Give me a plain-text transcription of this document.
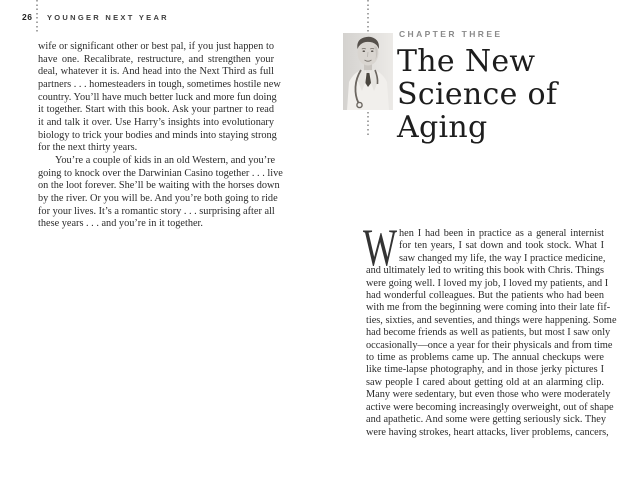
26 YOUNGER NEXT YEAR
wife or significant other or best pal, if you just happen to
have one. Recalibrate, restructure, and strengthen your
deal, whatever it is. And head into the Next Third as full
partners . . . homesteaders in tough, sometimes hostile new
country. You’ll have much better luck and more fun doing
it together. Start with this book. Ask your partner to read
it and talk it over. Use Harry’s insights into evolutionary
biology to trick your bodies and minds into staying strong
for the next thirty years.
You’re a couple of kids in an old Western, and you’re
going to knock over the Darwinian Casino together . . . live
on the loot forever. She’ll be waiting with the horses down
by the river. Or you will be. And you’re both going to ride
for your lives. It’s a romantic story . . . surprising after all
these years . . . and you’re in it together.
CHAPTER THREE
The New
Science of
Aging
W hen I had been in practice as a general internist
for ten years, I sat down and took stock. What I
saw changed my life, the way I practice medicine,
and ultimately led to writing this book with Chris. Things
were going well. I loved my job, I loved my patients, and I
had wonderful colleagues. But the patients who had been
with me from the beginning were coming into their late fif-
ties, sixties, and seventies, and things were happening. Some
had become friends as well as patients, but most I saw only
occasionally—once a year for their physicals and from time
to time as problems came up. The annual checkups were
like time-lapse photography, and in those jerky pictures I
saw people I cared about getting old at an alarming clip.
Many were sedentary, but even those who were moderately
active were becoming increasingly overweight, out of shape
and apathetic. And some were getting seriously sick. They
were having strokes, heart attacks, liver problems, cancers,
